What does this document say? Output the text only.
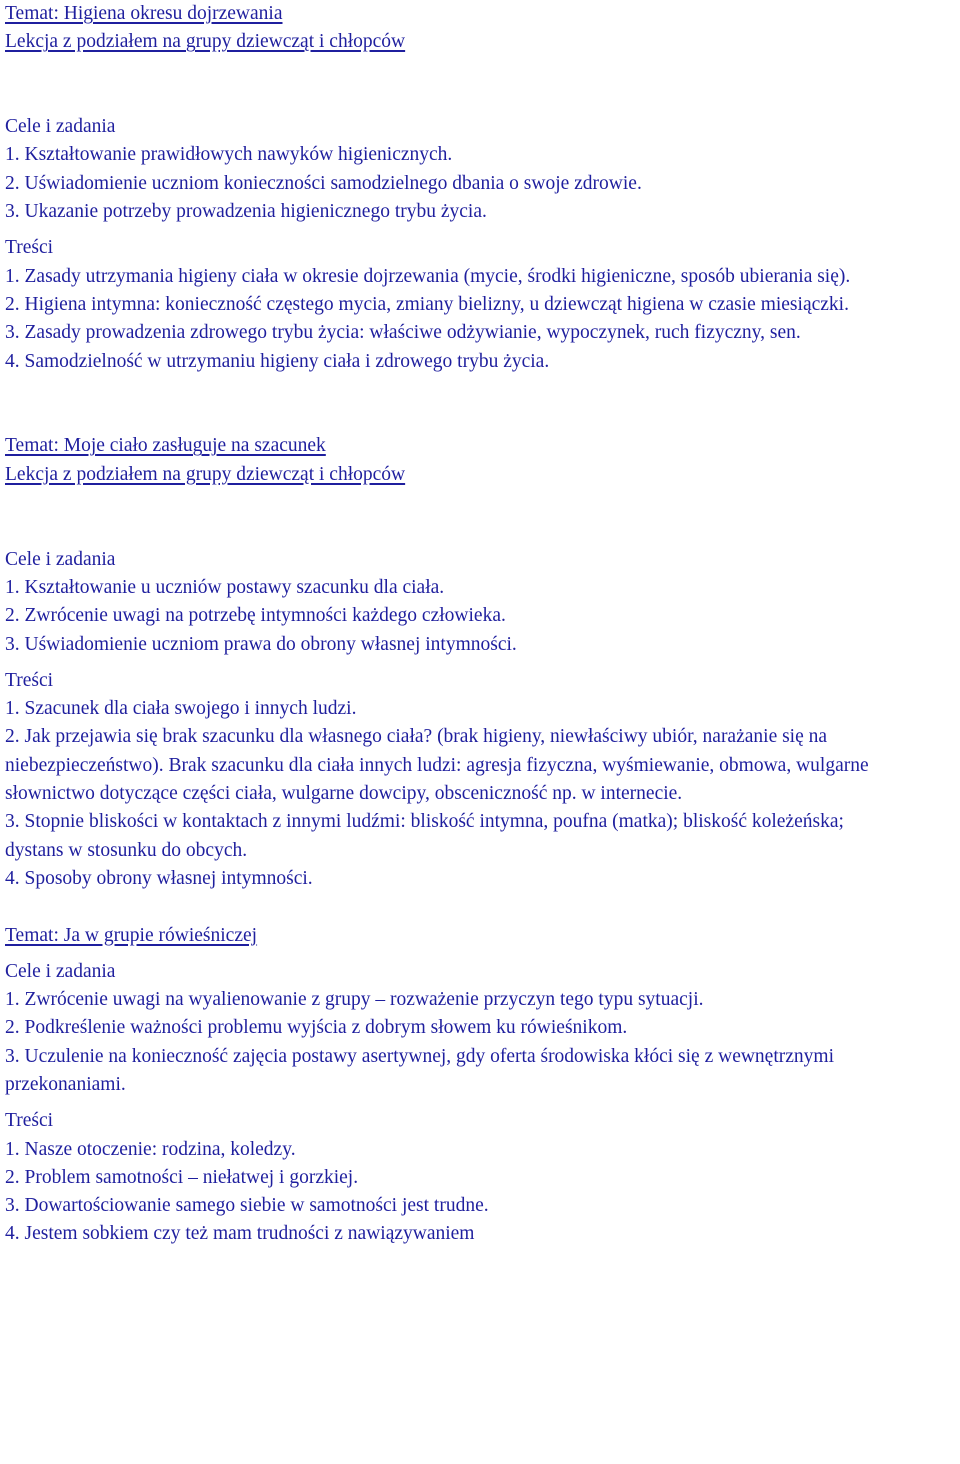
Temat: Higiena okresu dojrzewania
Lekcja z podziałem na grupy dziewcząt i chłopców
Cele i zadania
1. Kształtowanie prawidłowych nawyków higienicznych.
2. Uświadomienie uczniom konieczności samodzielnego dbania o swoje zdrowie.
3. Ukazanie potrzeby prowadzenia higienicznego trybu życia.
Treści
1. Zasady utrzymania higieny ciała w okresie dojrzewania (mycie, środki higieniczne, sposób ubierania się).
2. Higiena intymna: konieczność częstego mycia, zmiany bielizny, u dziewcząt higiena w czasie miesiączki.
3. Zasady prowadzenia zdrowego trybu życia: właściwe odżywianie, wypoczynek, ruch fizyczny, sen.
4. Samodzielność w utrzymaniu higieny ciała i zdrowego trybu życia.
Temat: Moje ciało zasługuje na szacunek
Lekcja z podziałem na grupy dziewcząt i chłopców
Cele i zadania
1. Kształtowanie u uczniów postawy szacunku dla ciała.
2. Zwrócenie uwagi na potrzebę intymności każdego człowieka.
3. Uświadomienie uczniom prawa do obrony własnej intymności.
Treści
1. Szacunek dla ciała swojego i innych ludzi.
2. Jak przejawia się brak szacunku dla własnego ciała? (brak higieny, niewłaściwy ubiór, narażanie się na niebezpieczeństwo). Brak szacunku dla ciała innych ludzi: agresja fizyczna, wyśmiewanie, obmowa, wulgarne słownictwo dotyczące części ciała, wulgarne dowcipy, obsceniczność np. w internecie.
3. Stopnie bliskości w kontaktach z innymi ludźmi: bliskość intymna, poufna (matka); bliskość koleżeńska;
dystans w stosunku do obcych.
4. Sposoby obrony własnej intymności.
Temat: Ja w grupie rówieśniczej
Cele i zadania
1. Zwrócenie uwagi na wyalienowanie z grupy – rozważenie przyczyn tego typu sytuacji.
2. Podkreślenie ważności problemu wyjścia z dobrym słowem ku rówieśnikom.
3. Uczulenie na konieczność zajęcia postawy asertywnej, gdy oferta środowiska kłóci się z wewnętrznymi przekonaniami.
Treści
1. Nasze otoczenie: rodzina, koledzy.
2. Problem samotności – niełatwej i gorzkiej.
3. Dowartościowanie samego siebie w samotności jest trudne.
4. Jestem sobkiem czy też mam trudności z nawiązywaniem
